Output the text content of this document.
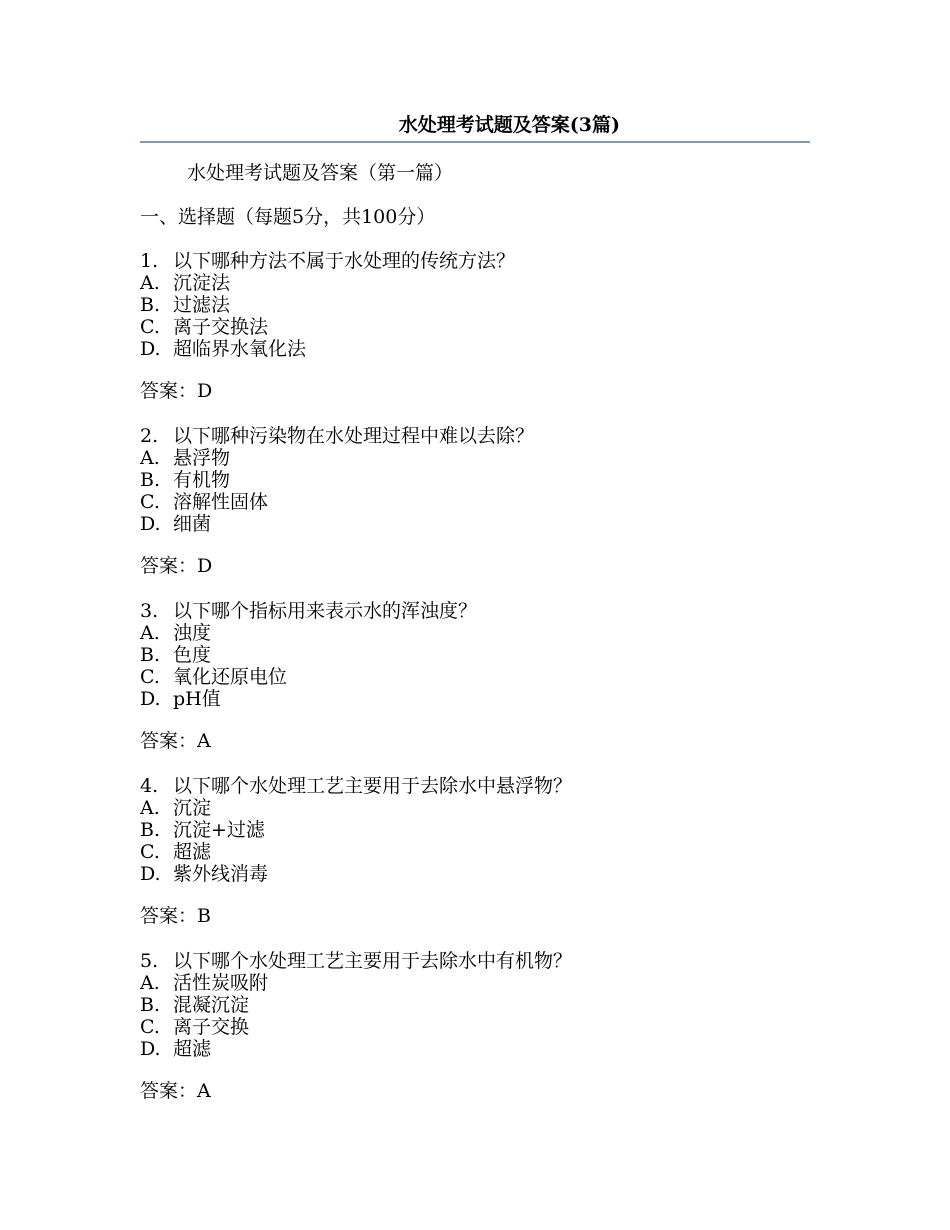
水处理考试题及答案(3篇)
水处理考试题及答案（第一篇）
一、选择题（每题5分，共100分）
1. 以下哪种方法不属于水处理的传统方法？
A. 沉淀法
B. 过滤法
C. 离子交换法
D. 超临界水氧化法
答案：D
2. 以下哪种污染物在水处理过程中难以去除？
A. 悬浮物
B. 有机物
C. 溶解性固体
D. 细菌
答案：D
3. 以下哪个指标用来表示水的浑浊度？
A. 浊度
B. 色度
C. 氧化还原电位
D. pH值
答案：A
4. 以下哪个水处理工艺主要用于去除水中悬浮物？
A. 沉淀
B. 沉淀+过滤
C. 超滤
D. 紫外线消毒
答案：B
5. 以下哪个水处理工艺主要用于去除水中有机物？
A. 活性炭吸附
B. 混凝沉淀
C. 离子交换
D. 超滤
答案：A
